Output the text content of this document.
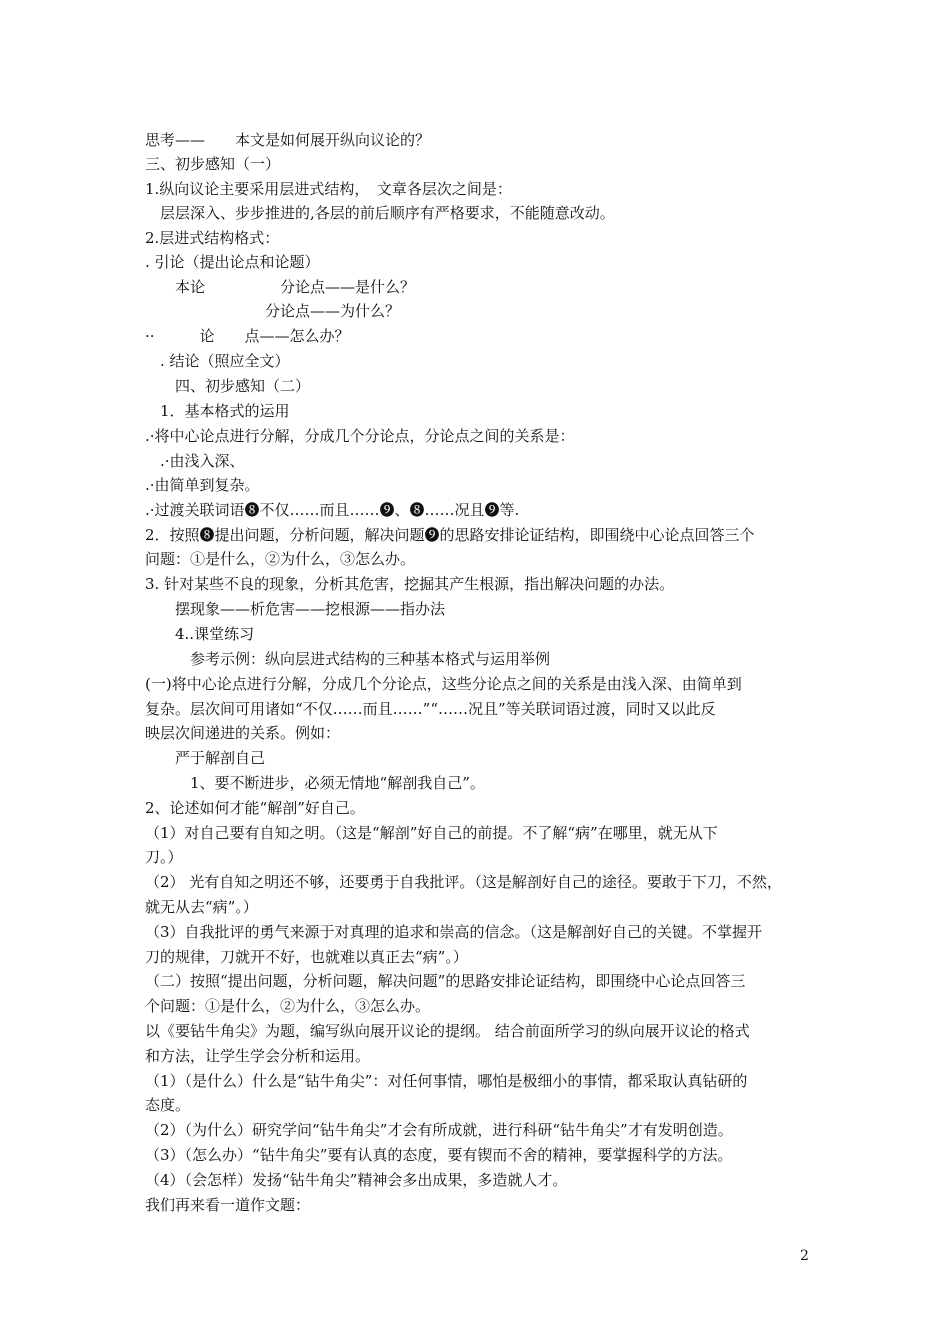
思考——　　本文是如何展开纵向议论的？
三、初步感知（一）
1.纵向议论主要采用层进式结构，　文章各层次之间是：
　层层深入、步步推进的,各层的前后顺序有严格要求，不能随意改动。
2.层进式结构格式：
. 引论（提出论点和论题）
　　本论　　　　　分论点——是什么？
　　　　　　　　分论点——为什么？
··　　　论　　点——怎么办？
　. 结论（照应全文）
　　四、初步感知（二）
　1．基本格式的运用
.·将中心论点进行分解，分成几个分论点，分论点之间的关系是：
　.·由浅入深、
.·由简单到复杂。
.·过渡关联词语❽不仅……而且……❾、❽……况且❾等.
2．按照❽提出问题，分析问题，解决问题❾的思路安排论证结构，即围绕中心论点回答三个
问题：①是什么，②为什么，③怎么办。
3. 针对某些不良的现象，分析其危害，挖掘其产生根源，指出解决问题的办法。
　　摆现象——析危害——挖根源——指办法
　　4..课堂练习
　　　参考示例：纵向层进式结构的三种基本格式与运用举例
(一)将中心论点进行分解，分成几个分论点，这些分论点之间的关系是由浅入深、由简单到
复杂。层次间可用诸如“不仅……而且……”“……况且”等关联词语过渡，同时又以此反
映层次间递进的关系。例如：
　　严于解剖自己
　　　1、要不断进步，必须无情地“解剖我自己”。
2、论述如何才能“解剖”好自己。
（1）对自己要有自知之明。（这是“解剖”好自己的前提。不了解“病”在哪里，就无从下
刀。）
（2） 光有自知之明还不够，还要勇于自我批评。（这是解剖好自己的途径。要敢于下刀，不然，
就无从去“病”。）
（3）自我批评的勇气来源于对真理的追求和崇高的信念。（这是解剖好自己的关键。不掌握开
刀的规律，刀就开不好，也就难以真正去“病”。）
（二）按照“提出问题，分析问题，解决问题”的思路安排论证结构，即围绕中心论点回答三
个问题：①是什么，②为什么，③怎么办。
以《要钻牛角尖》为题，编写纵向展开议论的提纲。 结合前面所学习的纵向展开议论的格式
和方法，让学生学会分析和运用。
（1）（是什么）什么是“钻牛角尖”：对任何事情，哪怕是极细小的事情，都采取认真钻研的
态度。
（2）（为什么）研究学问“钻牛角尖”才会有所成就，进行科研“钻牛角尖”才有发明创造。
（3）（怎么办）“钻牛角尖”要有认真的态度，要有锲而不舍的精神，要掌握科学的方法。
（4）（会怎样）发扬“钻牛角尖”精神会多出成果，多造就人才。
我们再来看一道作文题：
2
